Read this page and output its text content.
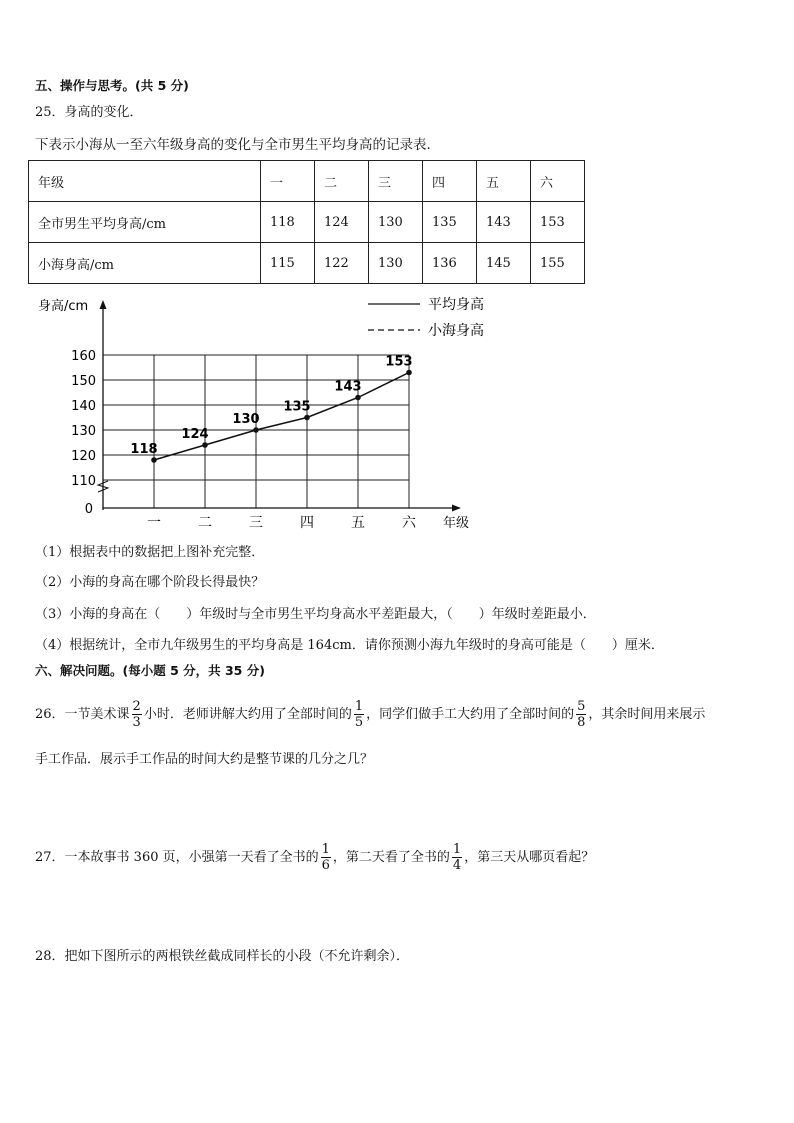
五、操作与思考。(共 5 分)
25．身高的变化．
下表示小海从一至六年级身高的变化与全市男生平均身高的记录表．
年级	一	二	三	四	五	六
全市男生平均身高/cm	118	124	130	135	143	153
小海身高/cm	115	122	130	136	145	155
0
身高/cm
年级
平均身高
小海身高
110
120
130
140
150
160
一	二	三	四	五	六
118
124
130
135
143
153
（1）根据表中的数据把上图补充完整．
（2）小海的身高在哪个阶段长得最快？
（3）小海的身高在（　　）年级时与全市男生平均身高水平差距最大，（　　）年级时差距最小．
（4）根据统计，全市九年级男生的平均身高是 164cm．请你预测小海九年级时的身高可能是（　　）厘米．
六、解决问题。(每小题 5 分，共 35 分)
26．一节美术课 $\frac{2}{3}$ 小时．老师讲解大约用了全部时间的 $\frac{1}{5}$ ，同学们做手工大约用了全部时间的 $\frac{5}{8}$ ，其余时间用来展示
手工作品．展示手工作品的时间大约是整节课的几分之几？
27．一本故事书 360 页，小强第一天看了全书的 $\frac{1}{6}$ ，第二天看了全书的 $\frac{1}{4}$ ，第三天从哪页看起？
28．把如下图所示的两根铁丝截成同样长的小段（不允许剩余）．
